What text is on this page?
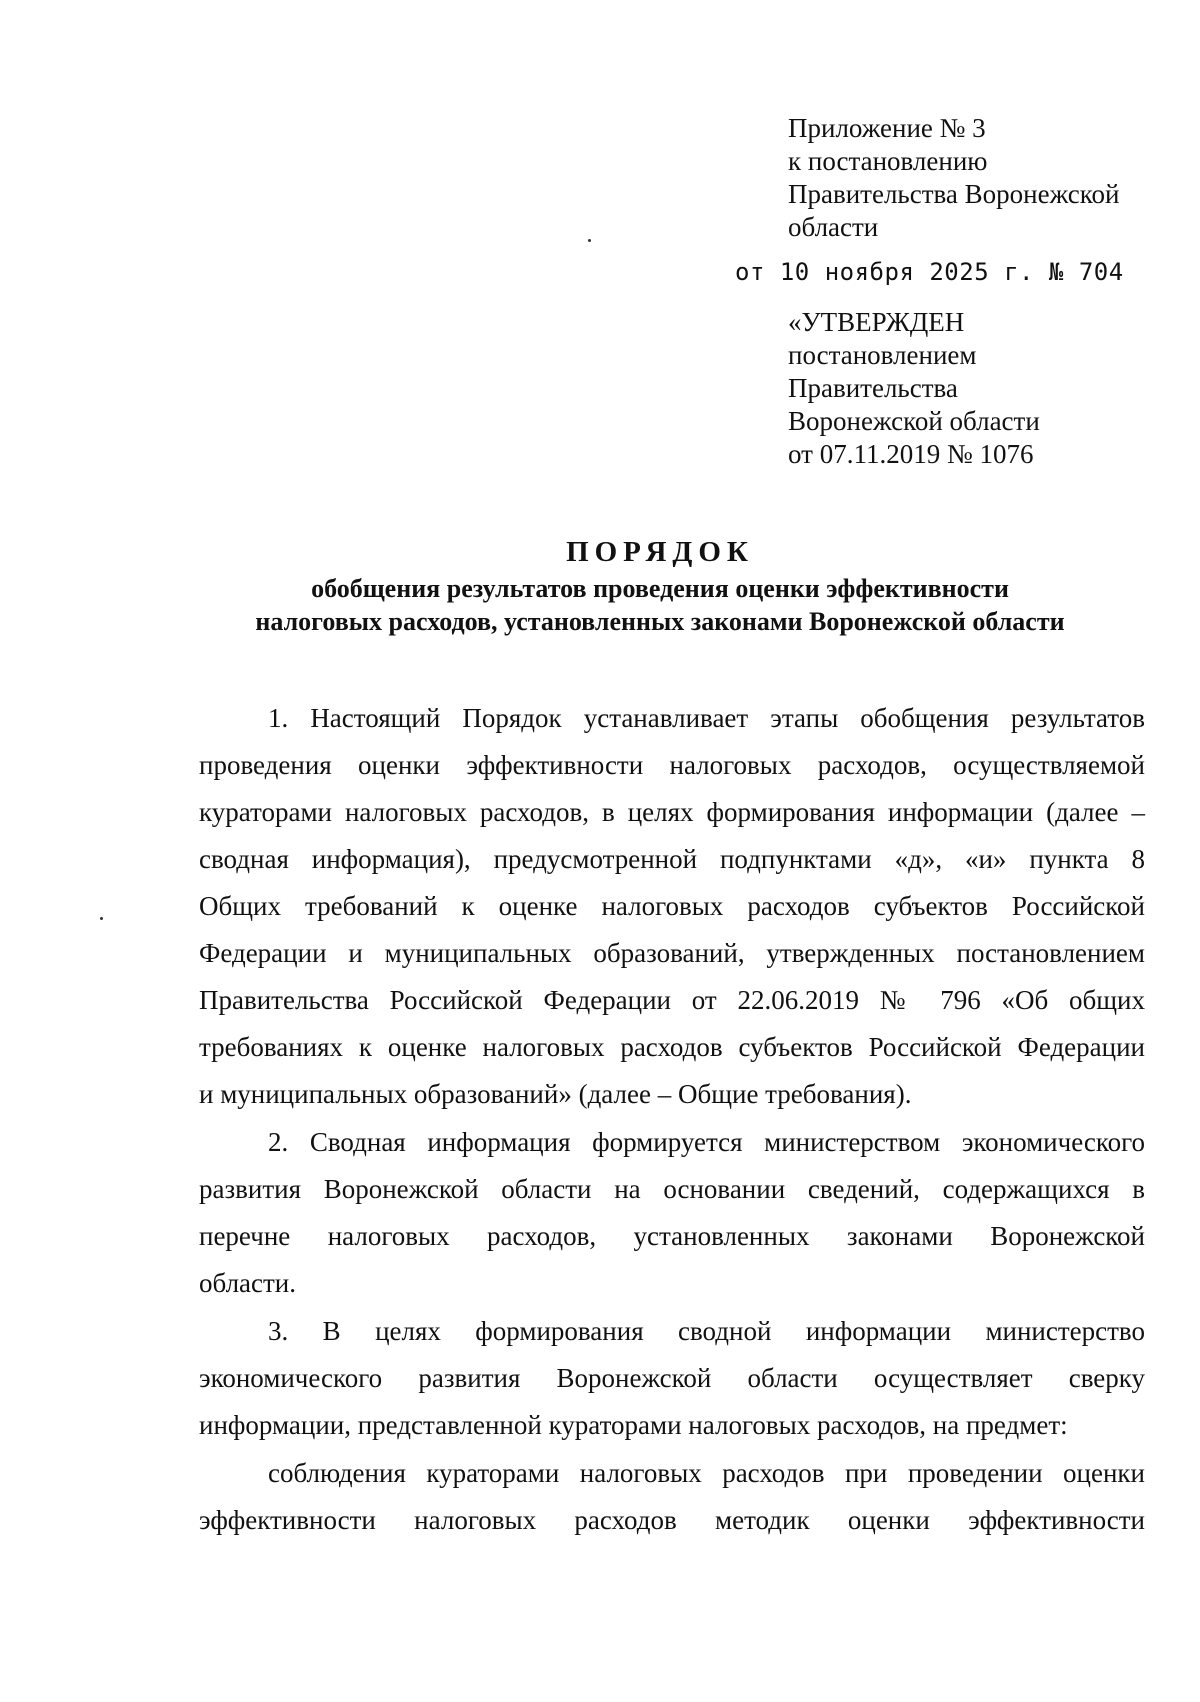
Приложение № 3
к постановлению
Правительства Воронежской
области
от 10 ноября 2025 г. № 704
«УТВЕРЖДЕН
постановлением
Правительства
Воронежской области
от 07.11.2019 № 1076
ПОРЯДОК
обобщения результатов проведения оценки эффективности
налоговых расходов, установленных законами Воронежской области
1. Настоящий Порядок устанавливает этапы обобщения результатов
проведения оценки эффективности налоговых расходов, осуществляемой
кураторами налоговых расходов, в целях формирования информации (далее –
сводная информация), предусмотренной подпунктами «д», «и» пункта 8
Общих требований к оценке налоговых расходов субъектов Российской
Федерации и муниципальных образований, утвержденных постановлением
Правительства Российской Федерации от 22.06.2019 № 796 «Об общих
требованиях к оценке налоговых расходов субъектов Российской Федерации
и муниципальных образований» (далее – Общие требования).
2. Сводная информация формируется министерством экономического
развития Воронежской области на основании сведений, содержащихся в
перечне налоговых расходов, установленных законами Воронежской
области.
3. В целях формирования сводной информации министерство
экономического развития Воронежской области осуществляет сверку
информации, представленной кураторами налоговых расходов, на предмет:
соблюдения кураторами налоговых расходов при проведении оценки
эффективности налоговых расходов методик оценки эффективности
